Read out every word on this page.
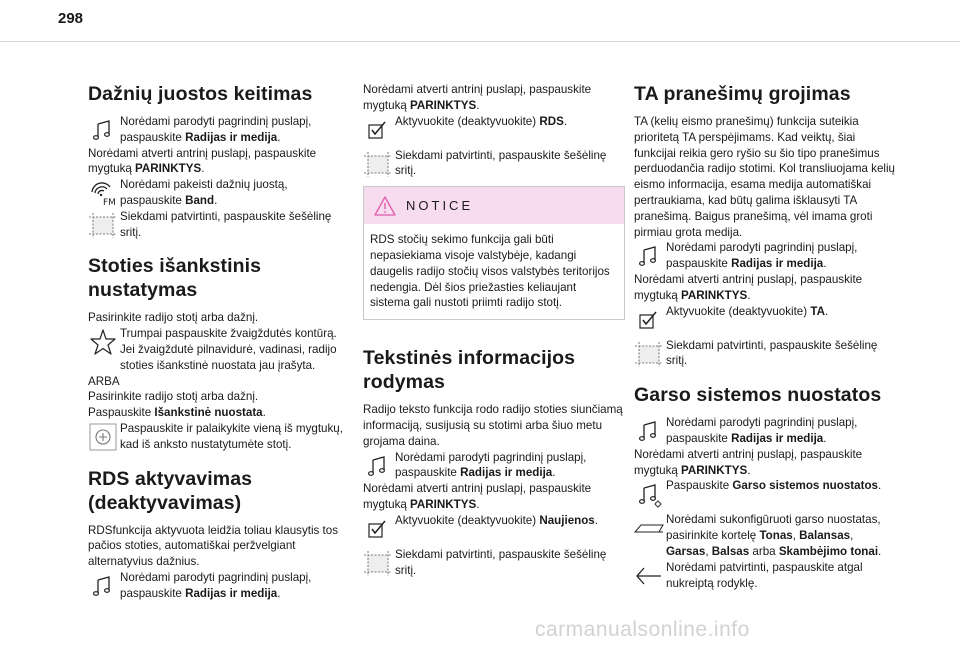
298
Dažnių juostos keitimas
Norėdami parodyti pagrindinį puslapį, paspauskite Radijas ir medija.

Norėdami atverti antrinį puslapį, paspauskite mygtuką PARINKTYS.

FM
Norėdami pakeisti dažnių juostą, paspauskite Band.
Siekdami patvirtinti, paspauskite šešėlinę sritį.
Stoties išankstinis nustatymas

Pasirinkite radijo stotį arba dažnį.

Trumpai paspauskite žvaigždutės kontūrą. Jei žvaigždutė pilnavidurė, vadinasi, radijo stoties išankstinė nuostata jau įrašyta.

ARBA

Pasirinkite radijo stotį arba dažnį.

Paspauskite Išankstinė nuostata.

Paspauskite ir palaikykite vieną iš mygtukų, kad iš anksto nustatytumėte stotį.
RDS aktyvavimas (deaktyvavimas)

RDSfunkcija aktyvuota leidžia toliau klausytis tos pačios stoties, automatiškai peržvelgiant alternatyvius dažnius.

Norėdami parodyti pagrindinį puslapį, paspauskite Radijas ir medija.

Norėdami atverti antrinį puslapį, paspauskite mygtuką PARINKTYS.

Aktyvuokite (deaktyvuokite) RDS.
Siekdami patvirtinti, paspauskite šešėlinę sritį.
NOTICE
RDS stočių sekimo funkcija gali būti nepasiekiama visoje valstybėje, kadangi daugelis radijo stočių visos valstybės teritorijos nedengia. Dėl šios priežasties keliaujant sistema gali nustoti priimti radijo stotį.
Tekstinės informacijos rodymas

Radijo teksto funkcija rodo radijo stoties siunčiamą informaciją, susijusią su stotimi arba šiuo metu grojama daina.

Norėdami parodyti pagrindinį puslapį, paspauskite Radijas ir medija.

Norėdami atverti antrinį puslapį, paspauskite mygtuką PARINKTYS.

Aktyvuokite (deaktyvuokite) Naujienos.
Siekdami patvirtinti, paspauskite šešėlinę sritį.
TA pranešimų grojimas

TA (kelių eismo pranešimų) funkcija suteikia prioritetą TA perspėjimams. Kad veiktų, šiai funkcijai reikia gero ryšio su šio tipo pranešimus perduodančia radijo stotimi. Kol transliuojama kelių eismo informacija, esama medija automatiškai pertraukiama, kad būtų galima išklausyti TA pranešimą. Baigus pranešimą, vėl imama groti pirmiau grota medija.

Norėdami parodyti pagrindinį puslapį, paspauskite Radijas ir medija.

Norėdami atverti antrinį puslapį, paspauskite mygtuką PARINKTYS.

Aktyvuokite (deaktyvuokite) TA.
Siekdami patvirtinti, paspauskite šešėlinę sritį.
Garso sistemos nuostatos
Norėdami parodyti pagrindinį puslapį, paspauskite Radijas ir medija.

Norėdami atverti antrinį puslapį, paspauskite mygtuką PARINKTYS.

Paspauskite Garso sistemos nuostatos.
Norėdami sukonfigūruoti garso nuostatas, pasirinkite kortelę Tonas, Balansas, Garsas, Balsas arba Skambėjimo tonai.
Norėdami patvirtinti, paspauskite atgal nukreiptą rodyklę.
carmanualsonline.info
